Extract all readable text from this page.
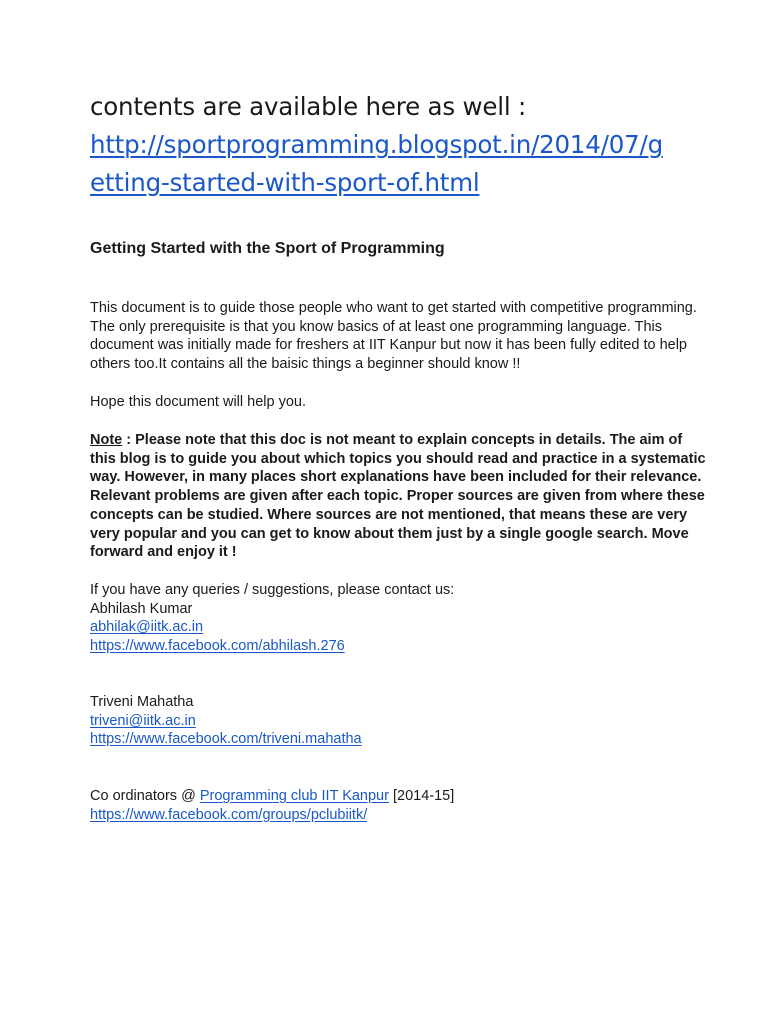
contents are available here as well :
http://sportprogramming.blogspot.in/2014/07/g
etting-started-with-sport-of.html
Getting Started with the Sport of Programming
This document is to guide those people who want to get started with competitive programming.
The only prerequisite is that you know basics of at least one programming language. This
document was initially made for freshers at IIT Kanpur but now it has been fully edited to help
others too.It contains all the baisic things a beginner should know !!
Hope this document will help you.
Note : Please note that this doc is not meant to explain concepts in details. The aim of
this blog is to guide you about which topics you should read and practice in a systematic
way. However, in many places short explanations have been included for their relevance.
Relevant problems are given after each topic. Proper sources are given from where these
concepts can be studied. Where sources are not mentioned, that means these are very
very popular and you can get to know about them just by a single google search. Move
forward and enjoy it !
If you have any queries / suggestions, please contact us:
Abhilash Kumar
abhilak@iitk.ac.in
https://www.facebook.com/abhilash.276
Triveni Mahatha
triveni@iitk.ac.in
https://www.facebook.com/triveni.mahatha
Co ordinators @ Programming club IIT Kanpur [2014-15]
https://www.facebook.com/groups/pclubiitk/
